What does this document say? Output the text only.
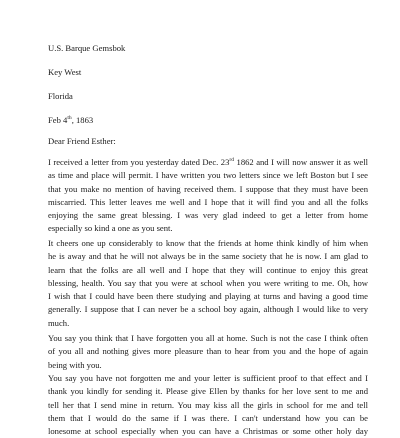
U.S. Barque Gemsbok
Key West
Florida
Feb 4th, 1863
Dear Friend Esther:
I received a letter from you yesterday dated Dec. 23rd 1862 and I will now answer it as well
as time and place will permit. I have written you two letters since we left Boston but I see
that you make no mention of having received them. I suppose that they must have been
miscarried. This letter leaves me well and I hope that it will find you and all the folks
enjoying the same great blessing. I was very glad indeed to get a letter from home
especially so kind a one as you sent.
It cheers one up considerably to know that the friends at home think kindly of him when
he is away and that he will not always be in the same society that he is now. I am glad to
learn that the folks are all well and I hope that they will continue to enjoy this great
blessing, health. You say that you were at school when you were writing to me. Oh, how
I wish that I could have been there studying and playing at turns and having a good time
generally. I suppose that I can never be a school boy again, although I would like to very
much.
You say you think that I have forgotten you all at home. Such is not the case I think often
of you all and nothing gives more pleasure than to hear from you and the hope of again
being with you.
You say you have not forgotten me and your letter is sufficient proof to that effect and I
thank you kindly for sending it. Please give Ellen by thanks for her love sent to me and
tell her that I send mine in return. You may kiss all the girls in school for me and tell
them that I would do the same if I was there. I can't understand how you can be
lonesome at school especially when you can have a Christmas or some other holy day
